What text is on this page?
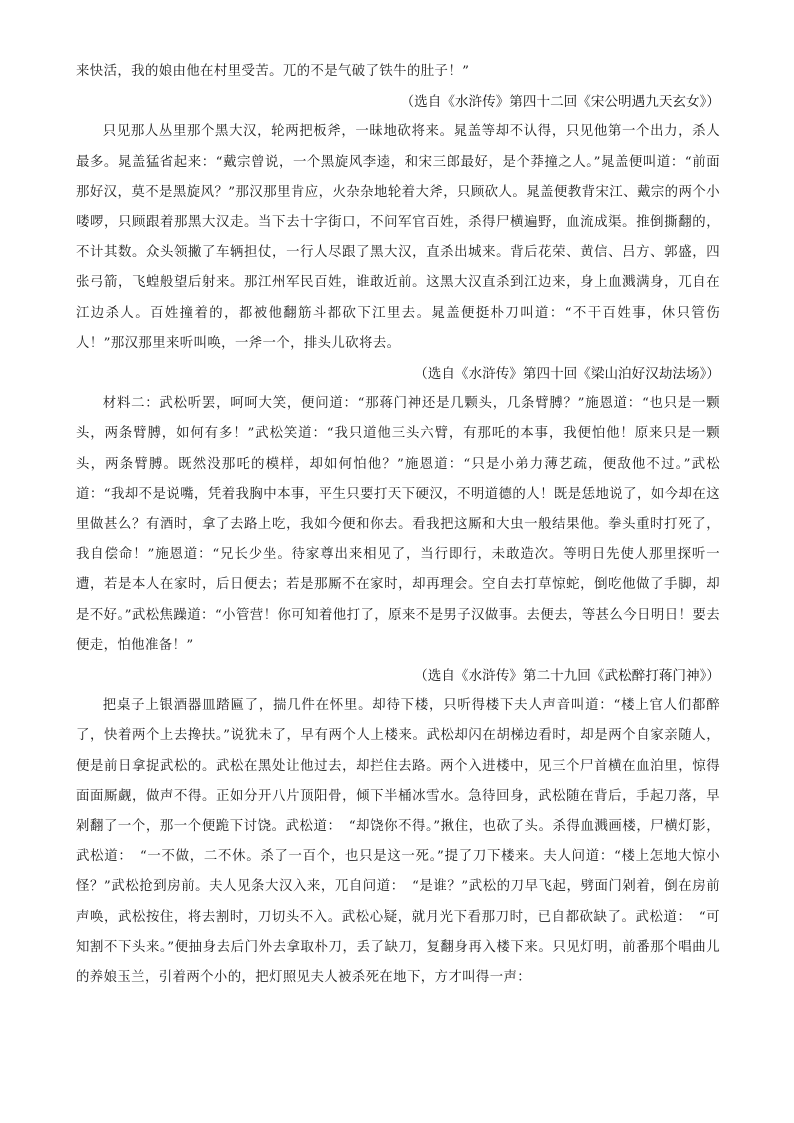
来快活，我的娘由他在村里受苦。兀的不是气破了铁牛的肚子！”

（选自《水浒传》第四十二回《宋公明遇九天玄女》）

只见那人丛里那个黑大汉，轮两把板斧，一昧地砍将来。晁盖等却不认得，只见他第一个出力，杀人最多。晁盖猛省起来：“戴宗曾说，一个黑旋风李逵，和宋三郎最好，是个莽撞之人。”晁盖便叫道：“前面那好汉，莫不是黑旋风？”那汉那里肯应，火杂杂地轮着大斧，只顾砍人。晁盖便教背宋江、戴宗的两个小喽啰，只顾跟着那黑大汉走。当下去十字街口，不问军官百姓，杀得尸横遍野，血流成渠。推倒撕翻的，不计其数。众头领撇了车辆担仗，一行人尽跟了黑大汉，直杀出城来。背后花荣、黄信、吕方、郭盛，四张弓箭，飞蝗般望后射来。那江州军民百姓，谁敢近前。这黑大汉直杀到江边来，身上血溅满身，兀自在江边杀人。百姓撞着的，都被他翻筋斗都砍下江里去。晁盖便挺朴刀叫道：“不干百姓事，休只管伤人！”那汉那里来听叫唤，一斧一个，排头儿砍将去。

（选自《水浒传》第四十回《梁山泊好汉劫法场》）

材料二：武松听罢，呵呵大笑，便问道：“那蒋门神还是几颗头，几条臂膊？”施恩道：“也只是一颗头，两条臂膊，如何有多！”武松笑道：“我只道他三头六臂，有那吒的本事，我便怕他！原来只是一颗头，两条臂膊。既然没那吒的模样，却如何怕他？”施恩道：“只是小弟力薄艺疏，便敌他不过。”武松道：“我却不是说嘴，凭着我胸中本事，平生只要打天下硬汉，不明道德的人！既是恁地说了，如今却在这里做甚么？有酒时，拿了去路上吃，我如今便和你去。看我把这厮和大虫一般结果他。拳头重时打死了，我自偿命！”施恩道：“兄长少坐。待家尊出来相见了，当行即行，未敢造次。等明日先使人那里探听一遭，若是本人在家时，后日便去；若是那厮不在家时，却再理会。空自去打草惊蛇，倒吃他做了手脚，却是不好。”武松焦躁道：“小管营！你可知着他打了，原来不是男子汉做事。去便去，等甚么今日明日！要去便走，怕他准备！”

（选自《水浒传》第二十九回《武松醉打蒋门神》）

把桌子上银酒器皿踏匾了，揣几件在怀里。却待下楼，只听得楼下夫人声音叫道：“楼上官人们都醉了，快着两个上去搀扶。”说犹未了，早有两个人上楼来。武松却闪在胡梯边看时，却是两个自家亲随人，便是前日拿捉武松的。武松在黑处让他过去，却拦住去路。两个入进楼中，见三个尸首横在血泊里，惊得面面厮觑，做声不得。正如分开八片顶阳骨，倾下半桶冰雪水。急待回身，武松随在背后，手起刀落，早剁翻了一个，那一个便跪下讨饶。武松道：　“却饶你不得。”揪住，也砍了头。杀得血溅画楼，尸横灯影，武松道：　“一不做，二不休。杀了一百个，也只是这一死。”提了刀下楼来。夫人问道：“楼上怎地大惊小怪？”武松抢到房前。夫人见条大汉入来，兀自问道：　“是谁？”武松的刀早飞起，劈面门剁着，倒在房前声唤，武松按住，将去割时，刀切头不入。武松心疑，就月光下看那刀时，已自都砍缺了。武松道：　“可知割不下头来。”便抽身去后门外去拿取朴刀，丢了缺刀，复翻身再入楼下来。只见灯明，前番那个唱曲儿的养娘玉兰，引着两个小的，把灯照见夫人被杀死在地下，方才叫得一声：
